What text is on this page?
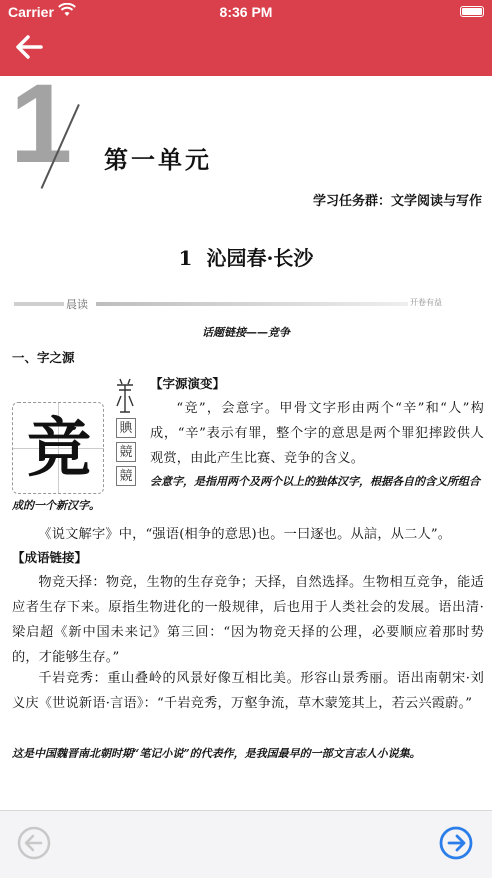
Carrier	8:36 PM
1 第一单元
学习任务群：文学阅读与写作
1 沁园春·长沙
晨读	开卷有益
话题链接——竞争
一、字之源
賟
競
競
竞
【字源演变】
“竞”，会意字。甲骨文字形由两个“辛”和“人”构成，“辛”表示有罪，整个字的意思是两个罪犯摔跤供人观赏，由此产生比赛、竞争的含义。
会意字，是指用两个及两个以上的独体汉字，根据各自的含义所组合成的一个新汉字。
《说文解字》中，“强语(相争的意思)也。一曰逐也。从誩，从二人”。
【成语链接】
物竞天择：物竞，生物的生存竞争；天择，自然选择。生物相互竞争，能适应者生存下来。原指生物进化的一般规律，后也用于人类社会的发展。语出清·梁启超《新中国未来记》第三回：“因为物竞天择的公理，必要顺应着那时势的，才能够生存。”
千岩竞秀：重山叠岭的风景好像互相比美。形容山景秀丽。语出南朝宋·刘义庆《世说新语·言语》：“千岩竞秀，万壑争流，草木蒙笼其上，若云兴霞蔚。”
这是中国魏晋南北朝时期“笔记小说”的代表作，是我国最早的一部文言志人小说集。
